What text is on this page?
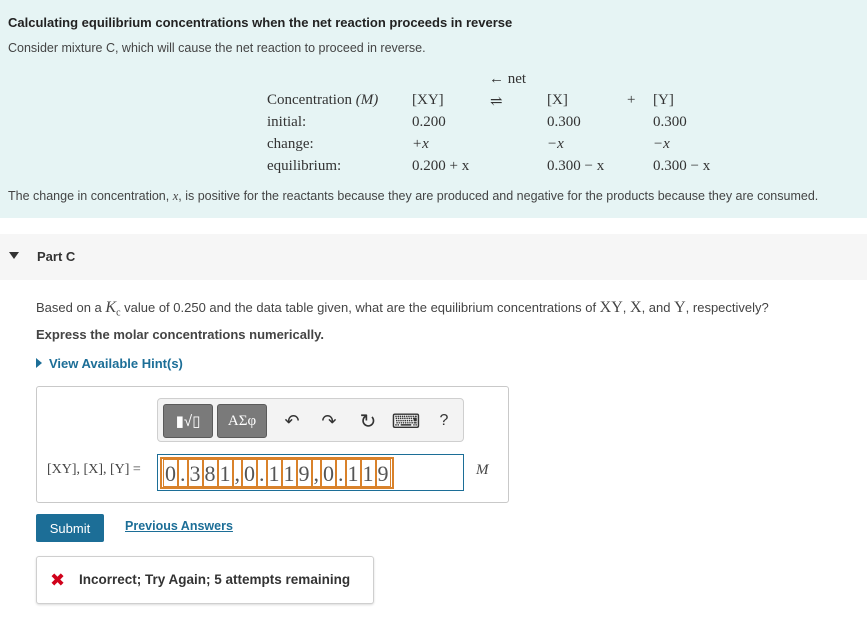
Calculating equilibrium concentrations when the net reaction proceeds in reverse
Consider mixture C, which will cause the net reaction to proceed in reverse.
← net
Concentration (M) [XY]	⇌	[X]	+ [Y]
initial:	0.200	0.300	0.300
change:	+x	−x	−x
equilibrium:	0.200 + x	0.300 − x	0.300 − x
The change in concentration, x, is positive for the reactants because they are produced and negative for the products because they are consumed.
Part C
Based on a $K_c$ value of 0.250 and the data table given, what are the equilibrium concentrations of XY, X, and Y, respectively?
Express the molar concentrations numerically.
View Available Hint(s)
▮√▯ ΑΣφ	↶	↷ ↻ ⌨	?
[XY], [X], [Y] = 0 . 3 8 1 , 0 . 1 1 9 , 0 . 1 1 9	M
Submit	Previous Answers
✖ Incorrect; Try Again; 5 attempts remaining
